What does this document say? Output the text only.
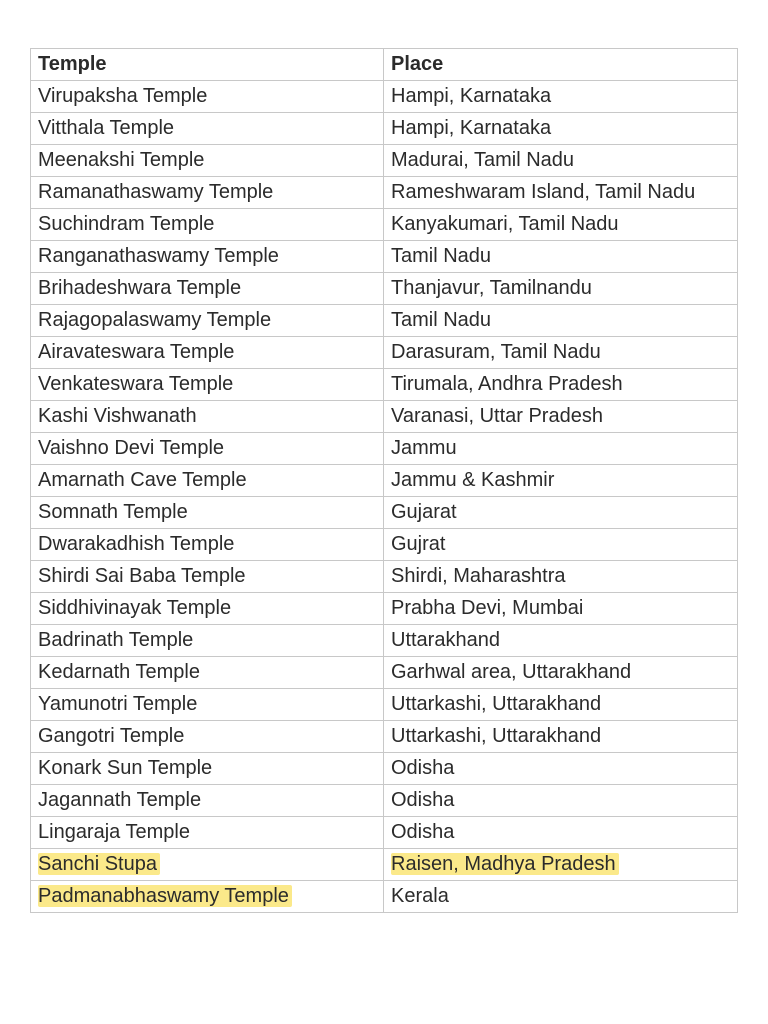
Temple	Place
Virupaksha Temple	Hampi, Karnataka
Vitthala Temple	Hampi, Karnataka
Meenakshi Temple	Madurai, Tamil Nadu
Ramanathaswamy Temple	Rameshwaram Island, Tamil Nadu
Suchindram Temple	Kanyakumari, Tamil Nadu
Ranganathaswamy Temple	Tamil Nadu
Brihadeshwara Temple	Thanjavur, Tamilnandu
Rajagopalaswamy Temple	Tamil Nadu
Airavateswara Temple	Darasuram, Tamil Nadu
Venkateswara Temple	Tirumala, Andhra Pradesh
Kashi Vishwanath	Varanasi, Uttar Pradesh
Vaishno Devi Temple	Jammu
Amarnath Cave Temple	Jammu & Kashmir
Somnath Temple	Gujarat
Dwarakadhish Temple	Gujrat
Shirdi Sai Baba Temple	Shirdi, Maharashtra
Siddhivinayak Temple	Prabha Devi, Mumbai
Badrinath Temple	Uttarakhand
Kedarnath Temple	Garhwal area, Uttarakhand
Yamunotri Temple	Uttarkashi, Uttarakhand
Gangotri Temple	Uttarkashi, Uttarakhand
Konark Sun Temple	Odisha
Jagannath Temple	Odisha
Lingaraja Temple	Odisha
Sanchi Stupa	Raisen, Madhya Pradesh
Padmanabhaswamy Temple	Kerala
